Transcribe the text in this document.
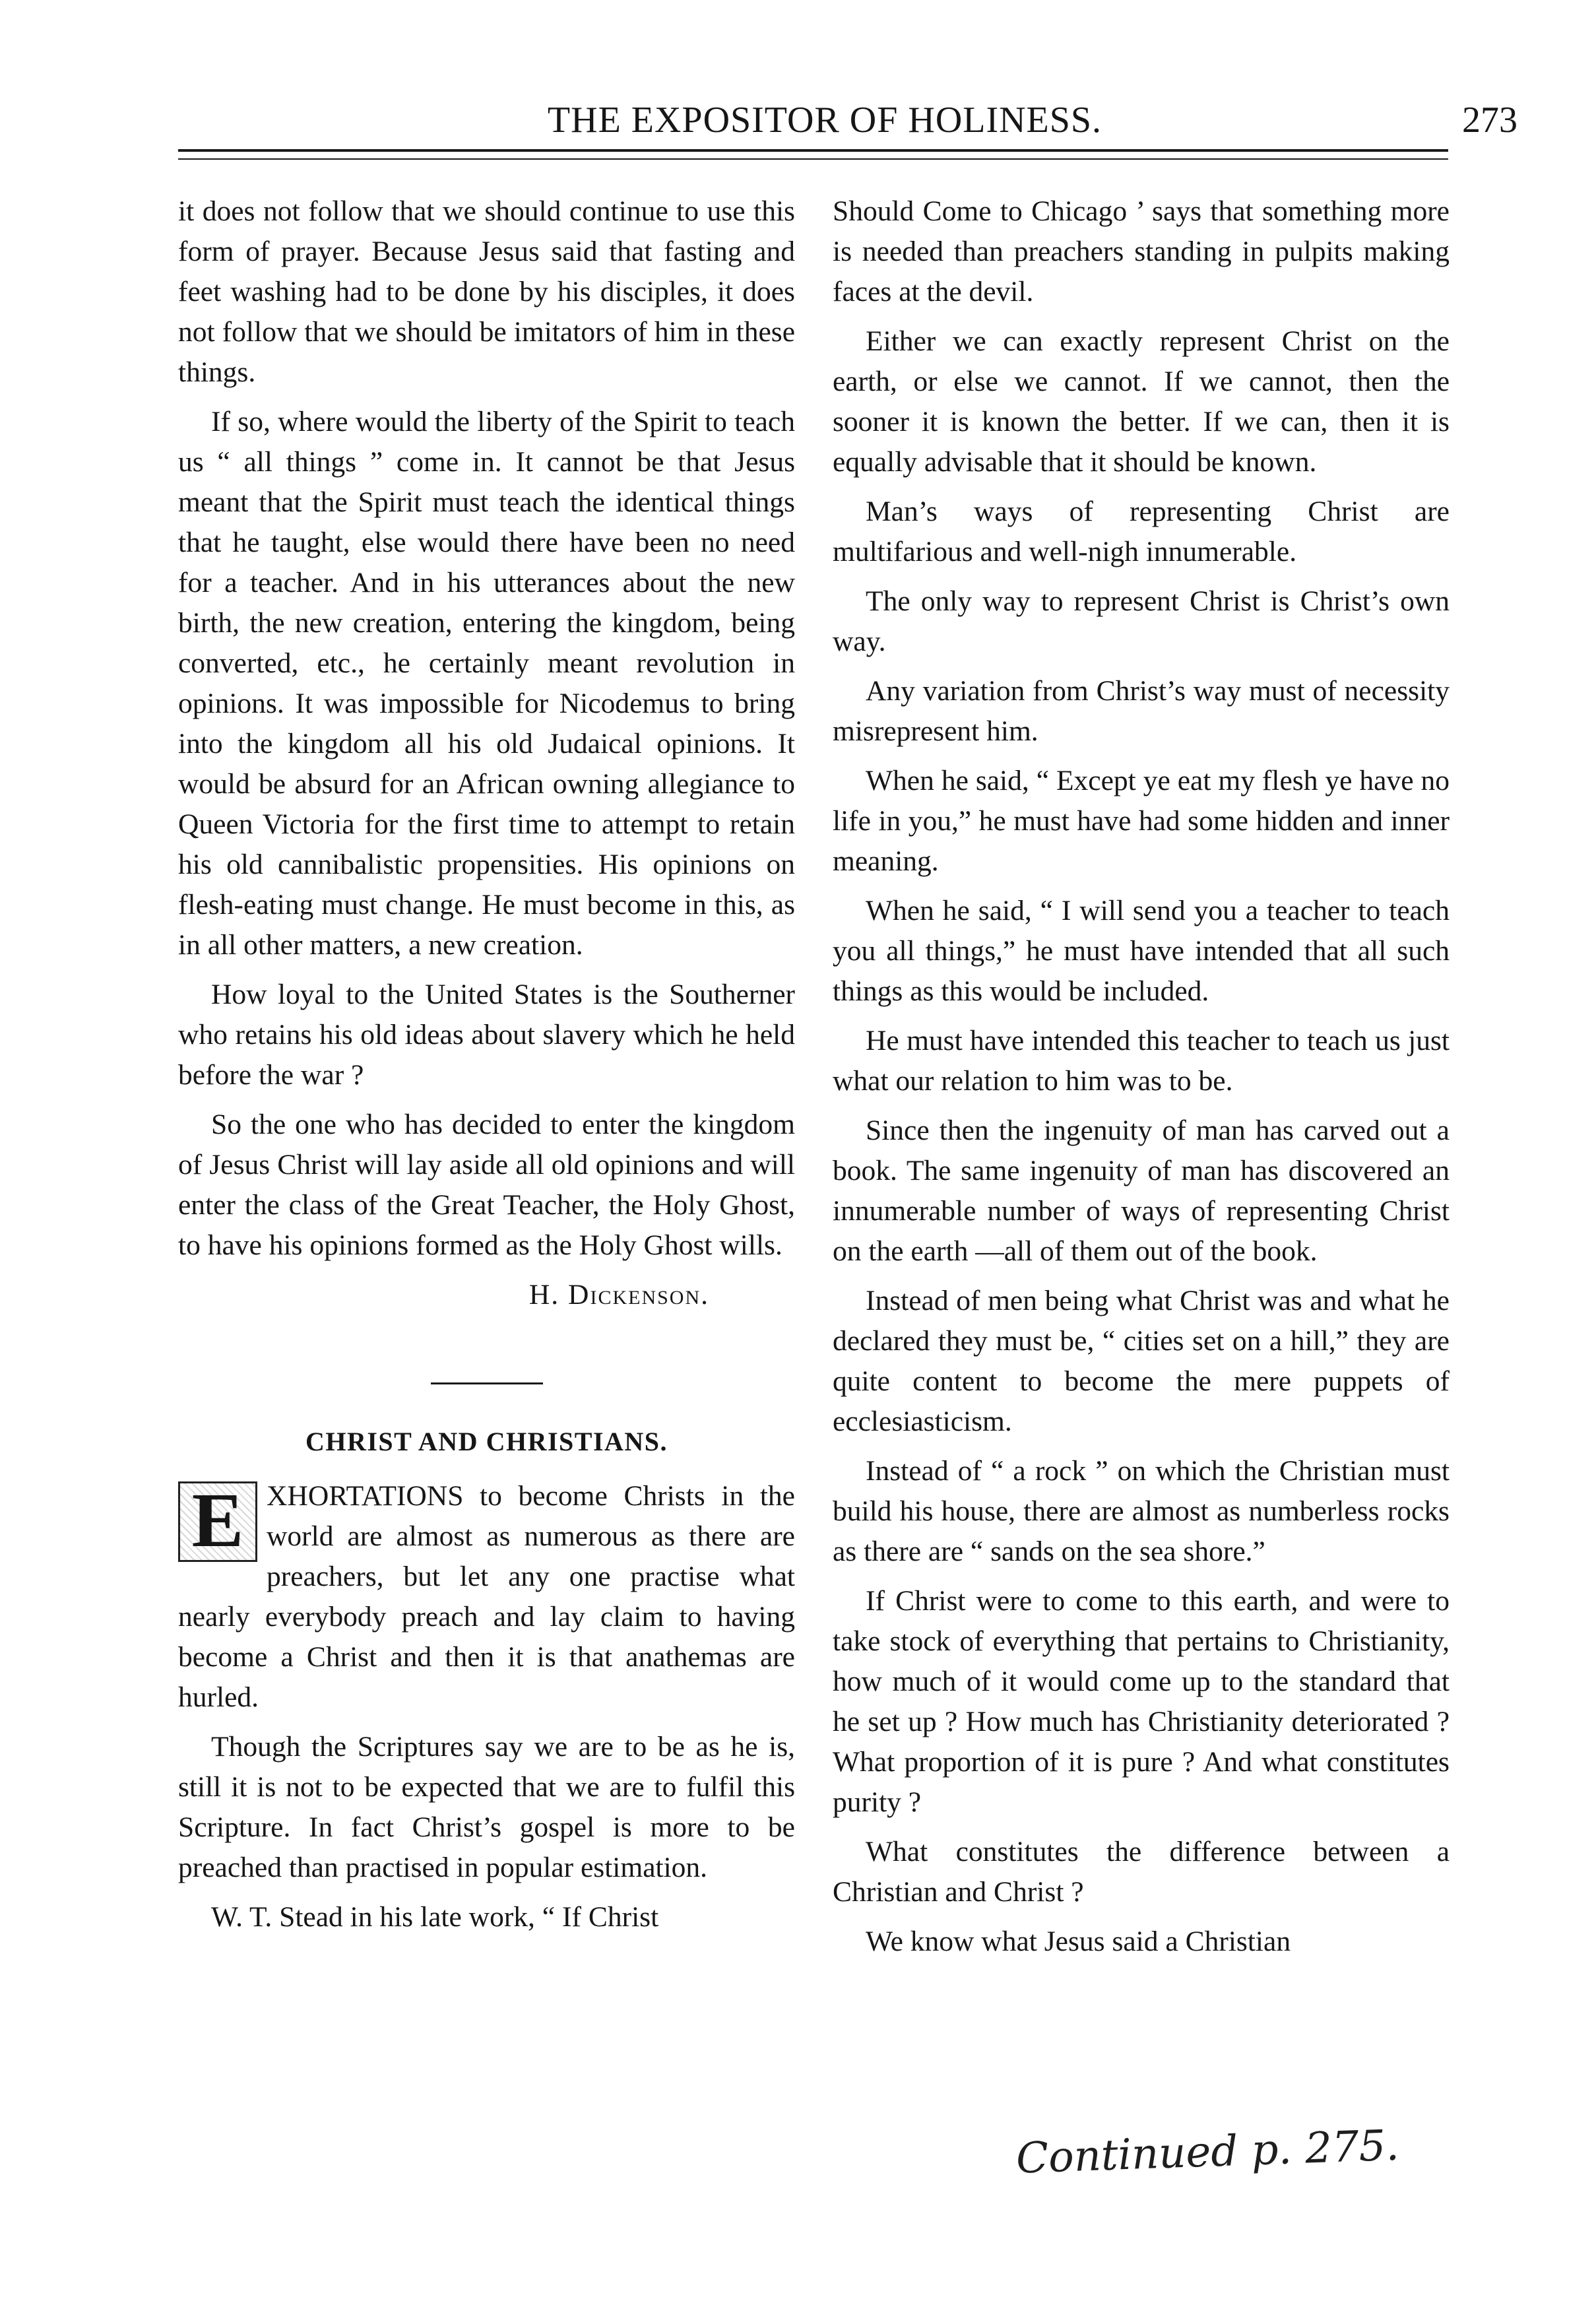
THE EXPOSITOR OF HOLINESS.	273

it does not follow that we should continue to use this form of prayer. Because Jesus said that fasting and feet washing had to be done by his disciples, it does not follow that we should be imitators of him in these things.

If so, where would the liberty of the Spirit to teach us “ all things ” come in. It cannot be that Jesus meant that the Spirit must teach the identical things that he taught, else would there have been no need for a teacher. And in his utterances about the new birth, the new creation, entering the kingdom, being converted, etc., he certainly meant revolution in opinions. It was impossible for Nicodemus to bring into the kingdom all his old Judaical opinions. It would be absurd for an African owning allegiance to Queen Victoria for the first time to attempt to retain his old cannibalistic propensities. His opinions on flesh-eating must change. He must become in this, as in all other matters, a new creation.

How loyal to the United States is the Southerner who retains his old ideas about slavery which he held before the war ?

So the one who has decided to enter the kingdom of Jesus Christ will lay aside all old opinions and will enter the class of the Great Teacher, the Holy Ghost, to have his opinions formed as the Holy Ghost wills.

H. Dickenson.
CHRIST AND CHRISTIANS.

E XHORTATIONS to become Christs in the world are almost as numerous as there are preachers, but let any one practise what nearly everybody preach and lay claim to having become a Christ and then it is that anathemas are hurled.

Though the Scriptures say we are to be as he is, still it is not to be expected that we are to fulfil this Scripture. In fact Christ’s gospel is more to be preached than practised in popular estimation.

W. T. Stead in his late work, “ If Christ

Should Come to Chicago ’ says that something more is needed than preachers standing in pulpits making faces at the devil.

Either we can exactly represent Christ on the earth, or else we cannot. If we cannot, then the sooner it is known the better. If we can, then it is equally advisable that it should be known.

Man’s ways of representing Christ are multifarious and well-nigh innumerable.

The only way to represent Christ is Christ’s own way.

Any variation from Christ’s way must of necessity misrepresent him.

When he said, “ Except ye eat my flesh ye have no life in you,” he must have had some hidden and inner meaning.

When he said, “ I will send you a teacher to teach you all things,” he must have intended that all such things as this would be included.

He must have intended this teacher to teach us just what our relation to him was to be.

Since then the ingenuity of man has carved out a book. The same ingenuity of man has discovered an innumerable number of ways of representing Christ on the earth —all of them out of the book.

Instead of men being what Christ was and what he declared they must be, “ cities set on a hill,” they are quite content to become the mere puppets of ecclesiasticism.

Instead of “ a rock ” on which the Christian must build his house, there are almost as numberless rocks as there are “ sands on the sea shore.”

If Christ were to come to this earth, and were to take stock of everything that pertains to Christianity, how much of it would come up to the standard that he set up ? How much has Christianity deteriorated ? What proportion of it is pure ? And what constitutes purity ?

What constitutes the difference between a Christian and Christ ?

We know what Jesus said a Christian

Continued p. 275.
